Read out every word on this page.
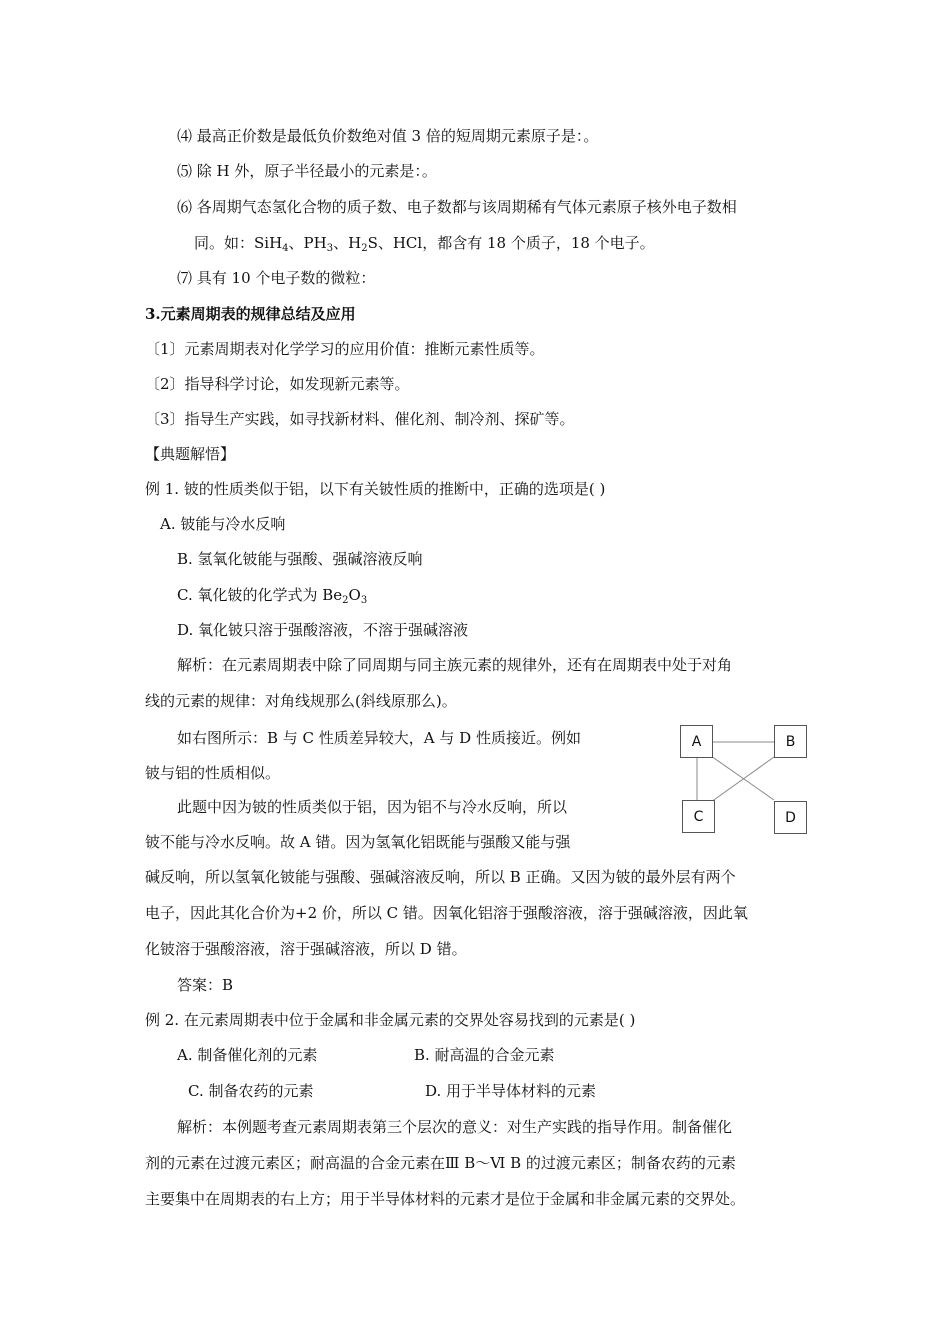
⑷ 最高正价数是最低负价数绝对值 3 倍的短周期元素原子是：。
⑸ 除 H 外，原子半径最小的元素是：。
⑹ 各周期气态氢化合物的质子数、电子数都与该周期稀有气体元素原子核外电子数相
同。如：SiH$_4$、$PH_3$、$H_2S$、HCl，都含有 18 个质子，18 个电子。
⑺ 具有 10 个电子数的微粒：
3.元素周期表的规律总结及应用
〔1〕元素周期表对化学学习的应用价值：推断元素性质等。
〔2〕指导科学讨论，如发现新元素等。
〔3〕指导生产实践，如寻找新材料、催化剂、制冷剂、探矿等。
【典题解悟】
例 1. 铍的性质类似于铝，以下有关铍性质的推断中，正确的选项是( )
A. 铍能与冷水反响
B. 氢氧化铍能与强酸、强碱溶液反响
C. 氧化铍的化学式为 $Be_2O_3$
D. 氧化铍只溶于强酸溶液，不溶于强碱溶液
解析：在元素周期表中除了同周期与同主族元素的规律外，还有在周期表中处于对角
线的元素的规律：对角线规那么(斜线原那么)。
如右图所示：B 与 C 性质差异较大，A 与 D 性质接近。例如
铍与铝的性质相似。
此题中因为铍的性质类似于铝，因为铝不与冷水反响，所以
铍不能与冷水反响。故 A 错。因为氢氧化铝既能与强酸又能与强
碱反响，所以氢氧化铍能与强酸、强碱溶液反响，所以 B 正确。又因为铍的最外层有两个
电子，因此其化合价为+2 价，所以 C 错。因氧化铝溶于强酸溶液，溶于强碱溶液，因此氧
化铍溶于强酸溶液，溶于强碱溶液，所以 D 错。
答案：B
例 2. 在元素周期表中位于金属和非金属元素的交界处容易找到的元素是( )
A. 制备催化剂的元素	B. 耐高温的合金元素
C. 制备农药的元素	D. 用于半导体材料的元素
解析：本例题考查元素周期表第三个层次的意义：对生产实践的指导作用。制备催化
剂的元素在过渡元素区；耐高温的合金元素在Ⅲ B～Ⅵ B 的过渡元素区；制备农药的元素
主要集中在周期表的右上方；用于半导体材料的元素才是位于金属和非金属元素的交界处。
A	B
C	D
